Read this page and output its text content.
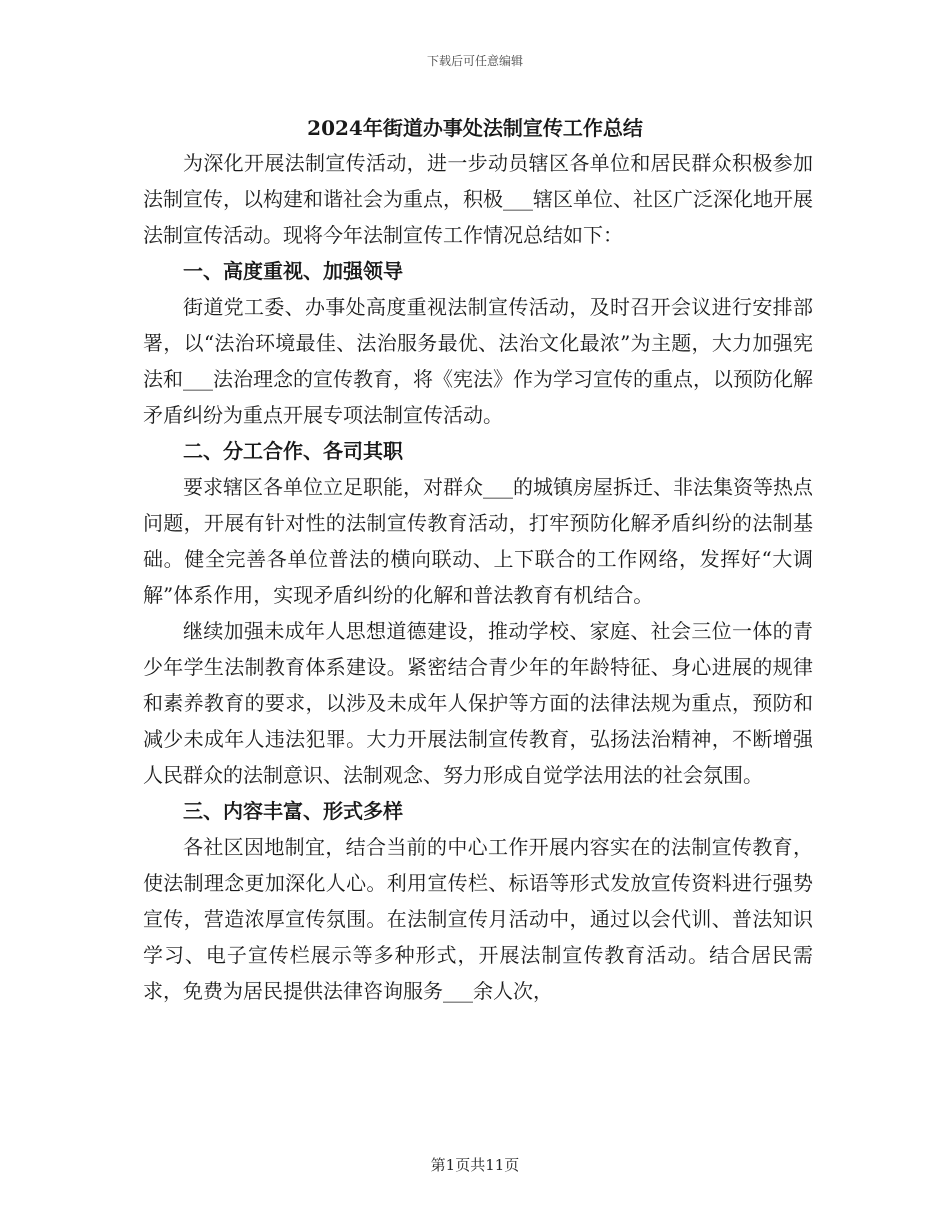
下载后可任意编辑
2024年街道办事处法制宣传工作总结

为深化开展法制宣传活动，进一步动员辖区各单位和居民群众积极参加法制宣传，以构建和谐社会为重点，积极___辖区单位、社区广泛深化地开展法制宣传活动。现将今年法制宣传工作情况总结如下：

一、高度重视、加强领导

街道党工委、办事处高度重视法制宣传活动，及时召开会议进行安排部署，以“法治环境最佳、法治服务最优、法治文化最浓”为主题，大力加强宪法和___法治理念的宣传教育，将《宪法》作为学习宣传的重点，以预防化解矛盾纠纷为重点开展专项法制宣传活动。

二、分工合作、各司其职

要求辖区各单位立足职能，对群众___的城镇房屋拆迁、非法集资等热点问题，开展有针对性的法制宣传教育活动，打牢预防化解矛盾纠纷的法制基础。健全完善各单位普法的横向联动、上下联合的工作网络，发挥好“大调解”体系作用，实现矛盾纠纷的化解和普法教育有机结合。

继续加强未成年人思想道德建设，推动学校、家庭、社会三位一体的青少年学生法制教育体系建设。紧密结合青少年的年龄特征、身心进展的规律和素养教育的要求，以涉及未成年人保护等方面的法律法规为重点，预防和减少未成年人违法犯罪。大力开展法制宣传教育，弘扬法治精神，不断增强人民群众的法制意识、法制观念、努力形成自觉学法用法的社会氛围。

三、内容丰富、形式多样

各社区因地制宜，结合当前的中心工作开展内容实在的法制宣传教育，使法制理念更加深化人心。利用宣传栏、标语等形式发放宣传资料进行强势宣传，营造浓厚宣传氛围。在法制宣传月活动中，通过以会代训、普法知识学习、电子宣传栏展示等多种形式，开展法制宣传教育活动。结合居民需求，免费为居民提供法律咨询服务___余人次，

第1页共11页
